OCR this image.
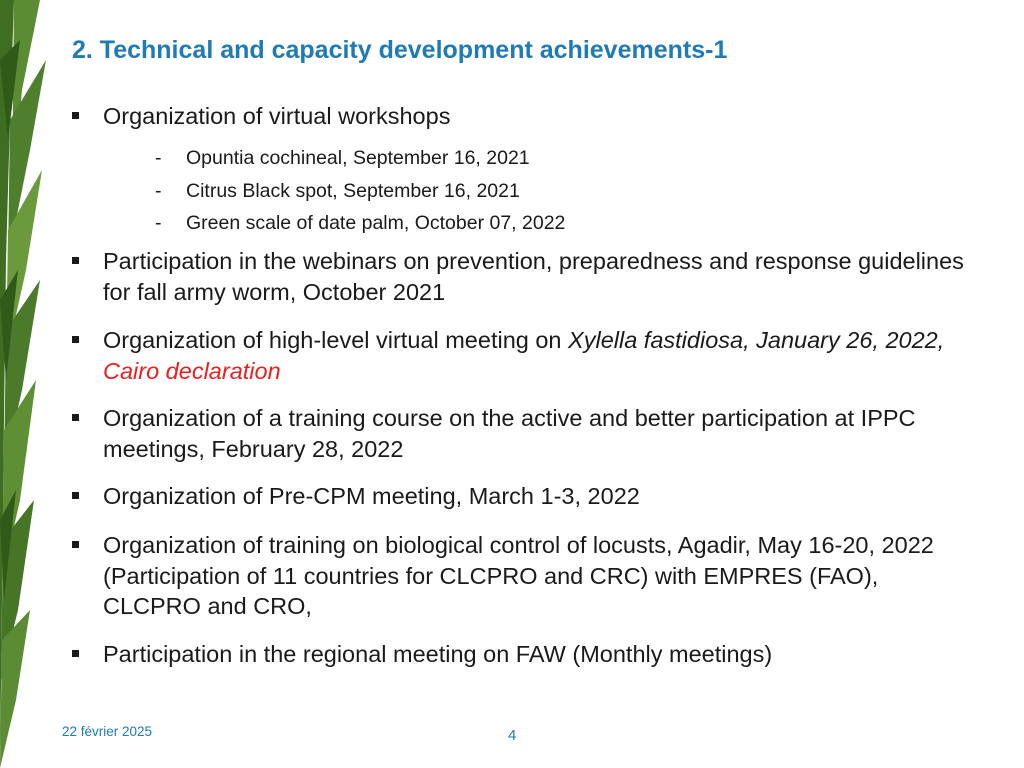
2. Technical and capacity development achievements-1
Organization of virtual workshops
- Opuntia cochineal, September 16, 2021
- Citrus Black spot, September 16, 2021
- Green scale of date palm, October 07, 2022
Participation in the webinars on prevention, preparedness and response guidelines for fall army worm, October 2021
Organization of high-level virtual meeting on Xylella fastidiosa, January 26, 2022, Cairo declaration
Organization of a training course on the active and better participation at IPPC meetings, February 28, 2022
Organization of Pre-CPM meeting, March 1-3, 2022
Organization of training on biological control of locusts, Agadir, May 16-20, 2022 (Participation of 11 countries for CLCPRO and CRC) with EMPRES (FAO), CLCPRO and CRO,
Participation in the regional meeting on FAW (Monthly meetings)
22 février 2025	4
